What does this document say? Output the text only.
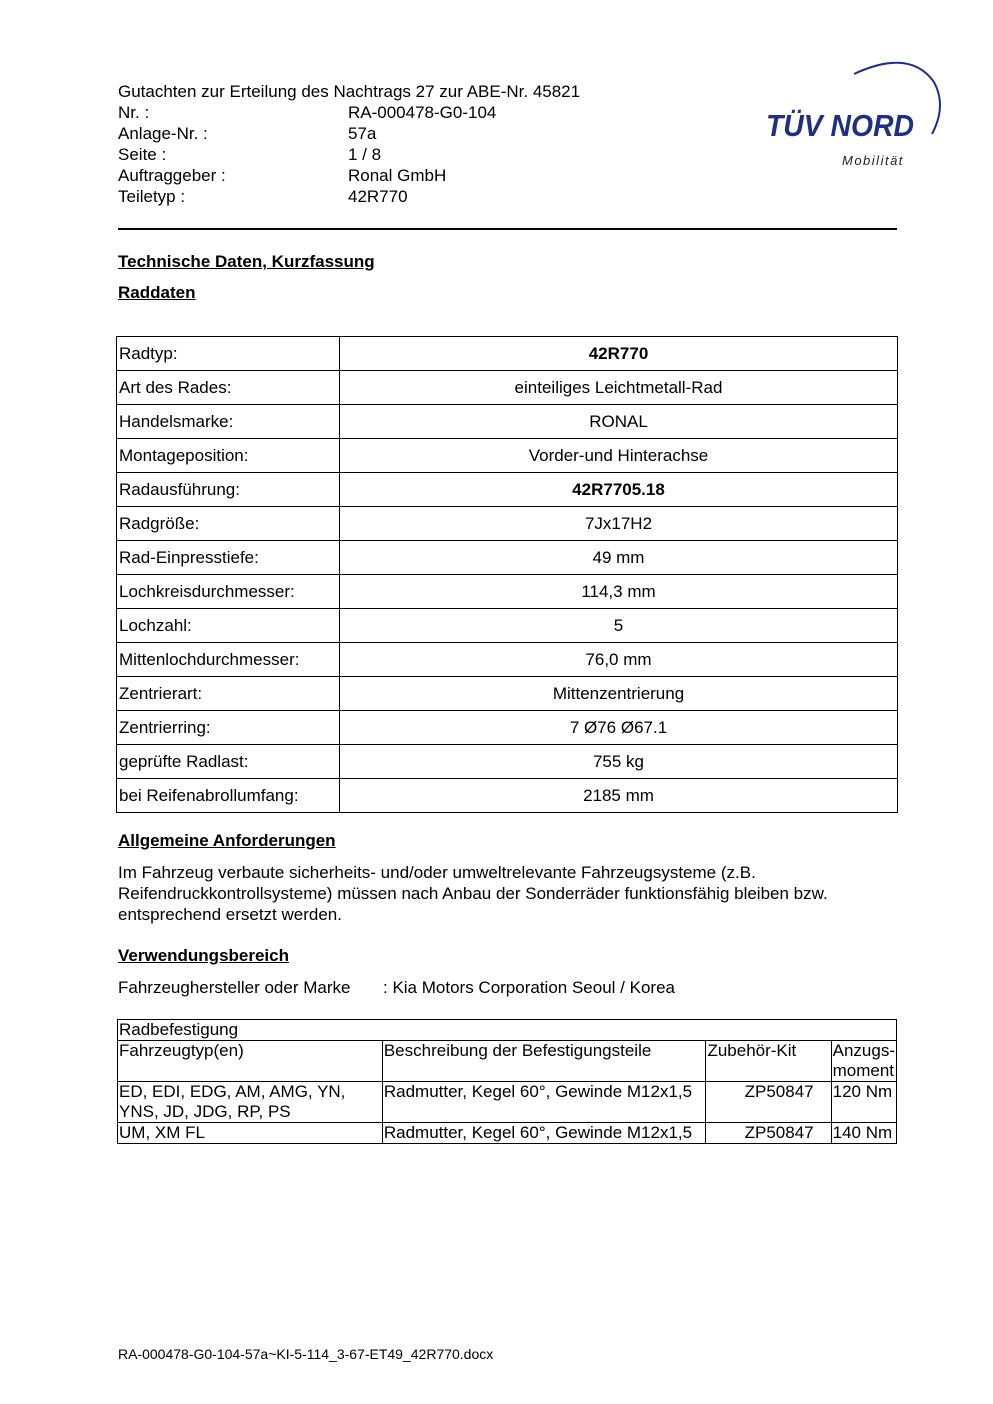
Gutachten zur Erteilung des Nachtrags 27 zur ABE-Nr. 45821
Nr. :	RA-000478-G0-104
Anlage-Nr. :	57a
Seite :	1 / 8
Auftraggeber :	Ronal GmbH
Teiletyp :	42R770
TÜV NORD
Mobilität
Technische Daten, Kurzfassung
Raddaten
Radtyp:	42R770
Art des Rades:	einteiliges Leichtmetall-Rad
Handelsmarke:	RONAL
Montageposition:	Vorder-und Hinterachse
Radausführung:	42R7705.18
Radgröße:	7Jx17H2
Rad-Einpresstiefe:	49 mm
Lochkreisdurchmesser:	114,3 mm
Lochzahl:	5
Mittenlochdurchmesser:	76,0 mm
Zentrierart:	Mittenzentrierung
Zentrierring:	7 Ø76 Ø67.1
geprüfte Radlast:	755 kg
bei Reifenabrollumfang:	2185 mm
Allgemeine Anforderungen
Im Fahrzeug verbaute sicherheits- und/oder umweltrelevante Fahrzeugsysteme (z.B. Reifendruckkontrollsysteme) müssen nach Anbau der Sonderräder funktionsfähig bleiben bzw. entsprechend ersetzt werden.
Verwendungsbereich
Fahrzeughersteller oder Marke	: Kia Motors Corporation Seoul / Korea
Radbefestigung			
Fahrzeugtyp(en)	Beschreibung der Befestigungsteile	Zubehör-Kit	Anzugs-moment
ED, EDI, EDG, AM, AMG, YN, YNS, JD, JDG, RP, PS	Radmutter, Kegel 60°, Gewinde M12x1,5	ZP50847	120 Nm
UM, XM FL	Radmutter, Kegel 60°, Gewinde M12x1,5	ZP50847	140 Nm
RA-000478-G0-104-57a~KI-5-114_3-67-ET49_42R770.docx
